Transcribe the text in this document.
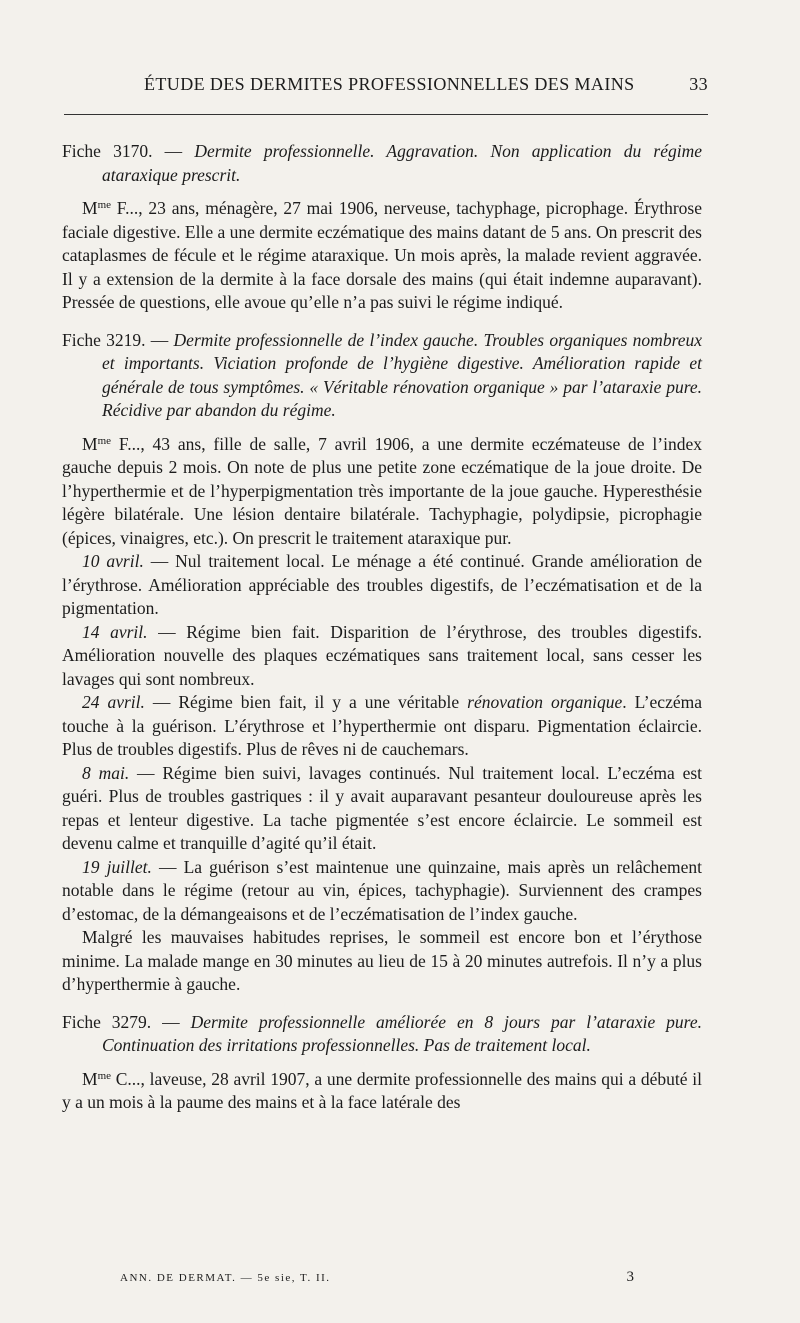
ÉTUDE DES DERMITES PROFESSIONNELLES DES MAINS	33

Fiche 3170. — Dermite professionnelle. Aggravation. Non application du régime ataraxique prescrit.

$M^{me}$ F..., 23 ans, ménagère, 27 mai 1906, nerveuse, tachyphage, picrophage. Érythrose faciale digestive. Elle a une dermite eczématique des mains datant de 5 ans. On prescrit des cataplasmes de fécule et le régime ataraxique. Un mois après, la malade revient aggravée. Il y a extension de la dermite à la face dorsale des mains (qui était indemne auparavant). Pressée de questions, elle avoue qu’elle n’a pas suivi le régime indiqué.

Fiche 3219. — Dermite professionnelle de l’index gauche. Troubles organiques nombreux et importants. Viciation profonde de l’hygiène digestive. Amélioration rapide et générale de tous symptômes. « Véritable rénovation organique » par l’ataraxie pure. Récidive par abandon du régime.

$M^{me}$ F..., 43 ans, fille de salle, 7 avril 1906, a une dermite eczémateuse de l’index gauche depuis 2 mois. On note de plus une petite zone eczématique de la joue droite. De l’hyperthermie et de l’hyperpigmentation très importante de la joue gauche. Hyperesthésie légère bilatérale. Une lésion dentaire bilatérale. Tachyphagie, polydipsie, picrophagie (épices, vinaigres, etc.). On prescrit le traitement ataraxique pur.

10 avril. — Nul traitement local. Le ménage a été continué. Grande amélioration de l’érythrose. Amélioration appréciable des troubles digestifs, de l’eczématisation et de la pigmentation.

14 avril. — Régime bien fait. Disparition de l’érythrose, des troubles digestifs. Amélioration nouvelle des plaques eczématiques sans traitement local, sans cesser les lavages qui sont nombreux.

24 avril. — Régime bien fait, il y a une véritable rénovation organique. L’eczéma touche à la guérison. L’érythrose et l’hyperthermie ont disparu. Pigmentation éclaircie. Plus de troubles digestifs. Plus de rêves ni de cauchemars.

8 mai. — Régime bien suivi, lavages continués. Nul traitement local. L’eczéma est guéri. Plus de troubles gastriques : il y avait auparavant pesanteur douloureuse après les repas et lenteur digestive. La tache pigmentée s’est encore éclaircie. Le sommeil est devenu calme et tranquille d’agité qu’il était.

19 juillet. — La guérison s’est maintenue une quinzaine, mais après un relâchement notable dans le régime (retour au vin, épices, tachyphagie). Surviennent des crampes d’estomac, de la démangeaisons et de l’eczématisation de l’index gauche.

Malgré les mauvaises habitudes reprises, le sommeil est encore bon et l’érythose minime. La malade mange en 30 minutes au lieu de 15 à 20 minutes autrefois. Il n’y a plus d’hyperthermie à gauche.

Fiche 3279. — Dermite professionnelle améliorée en 8 jours par l’ataraxie pure. Continuation des irritations professionnelles. Pas de traitement local.

$M^{me}$ C..., laveuse, 28 avril 1907, a une dermite professionnelle des mains qui a débuté il y a un mois à la paume des mains et à la face latérale des

ANN. DE DERMAT. — 5e sie, T. II.	3
